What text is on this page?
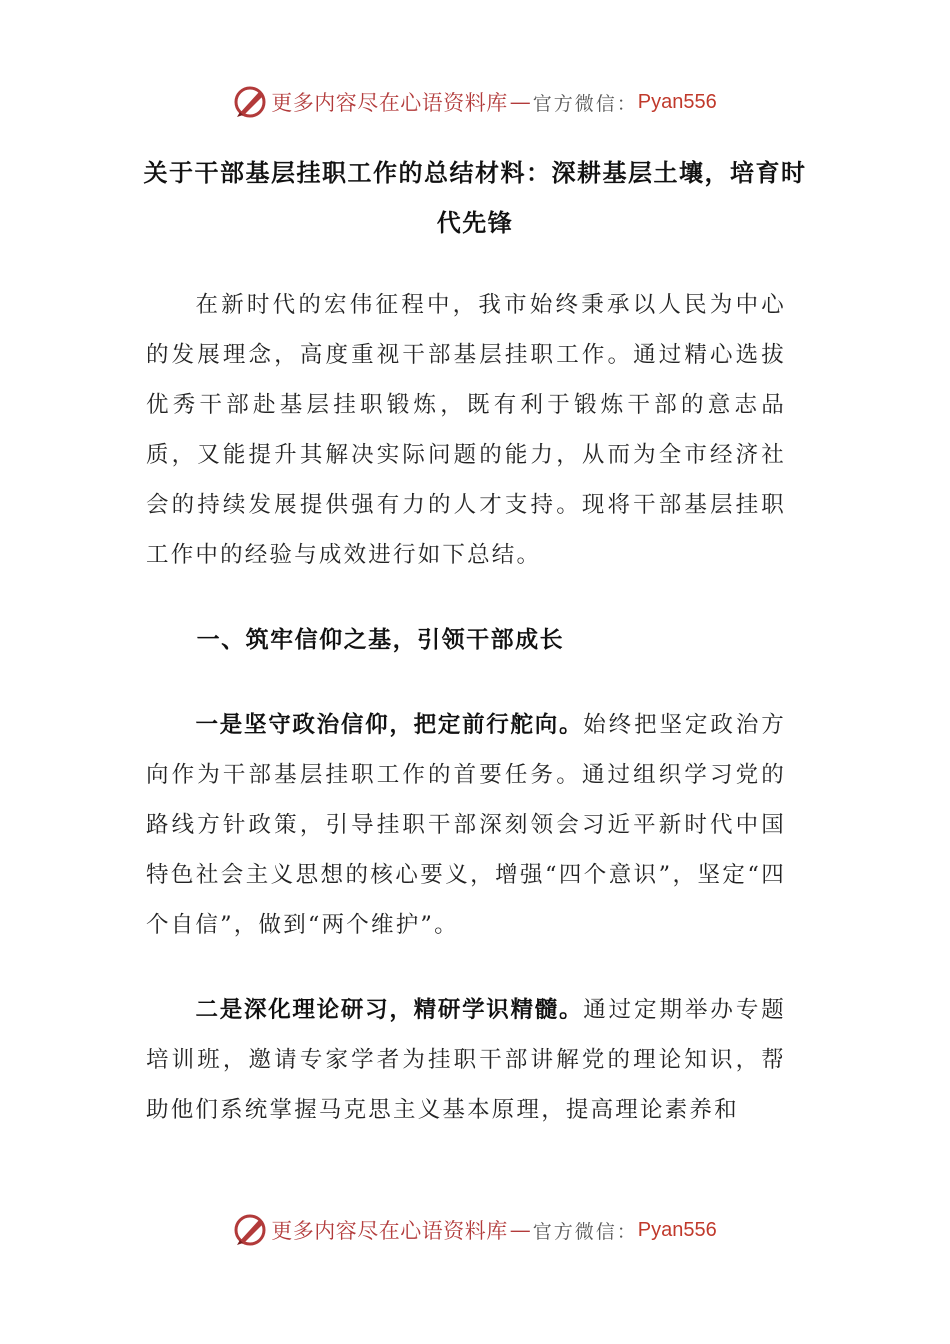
更多内容尽在心语资料库 — 官方微信： Pyan556
关于干部基层挂职工作的总结材料：深耕基层土壤，培育时代先锋

在新时代的宏伟征程中，我市始终秉承以人民为中心的发展理念，高度重视干部基层挂职工作。通过精心选拔优秀干部赴基层挂职锻炼，既有利于锻炼干部的意志品质，又能提升其解决实际问题的能力，从而为全市经济社会的持续发展提供强有力的人才支持。现将干部基层挂职工作中的经验与成效进行如下总结。

一、筑牢信仰之基，引领干部成长

一是坚守政治信仰，把定前行舵向。始终把坚定政治方向作为干部基层挂职工作的首要任务。通过组织学习党的路线方针政策，引导挂职干部深刻领会习近平新时代中国特色社会主义思想的核心要义，增强“四个意识”，坚定“四个自信”，做到“两个维护”。

二是深化理论研习，精研学识精髓。通过定期举办专题培训班，邀请专家学者为挂职干部讲解党的理论知识，帮助他们系统掌握马克思主义基本原理，提高理论素养和

更多内容尽在心语资料库 — 官方微信： Pyan556
